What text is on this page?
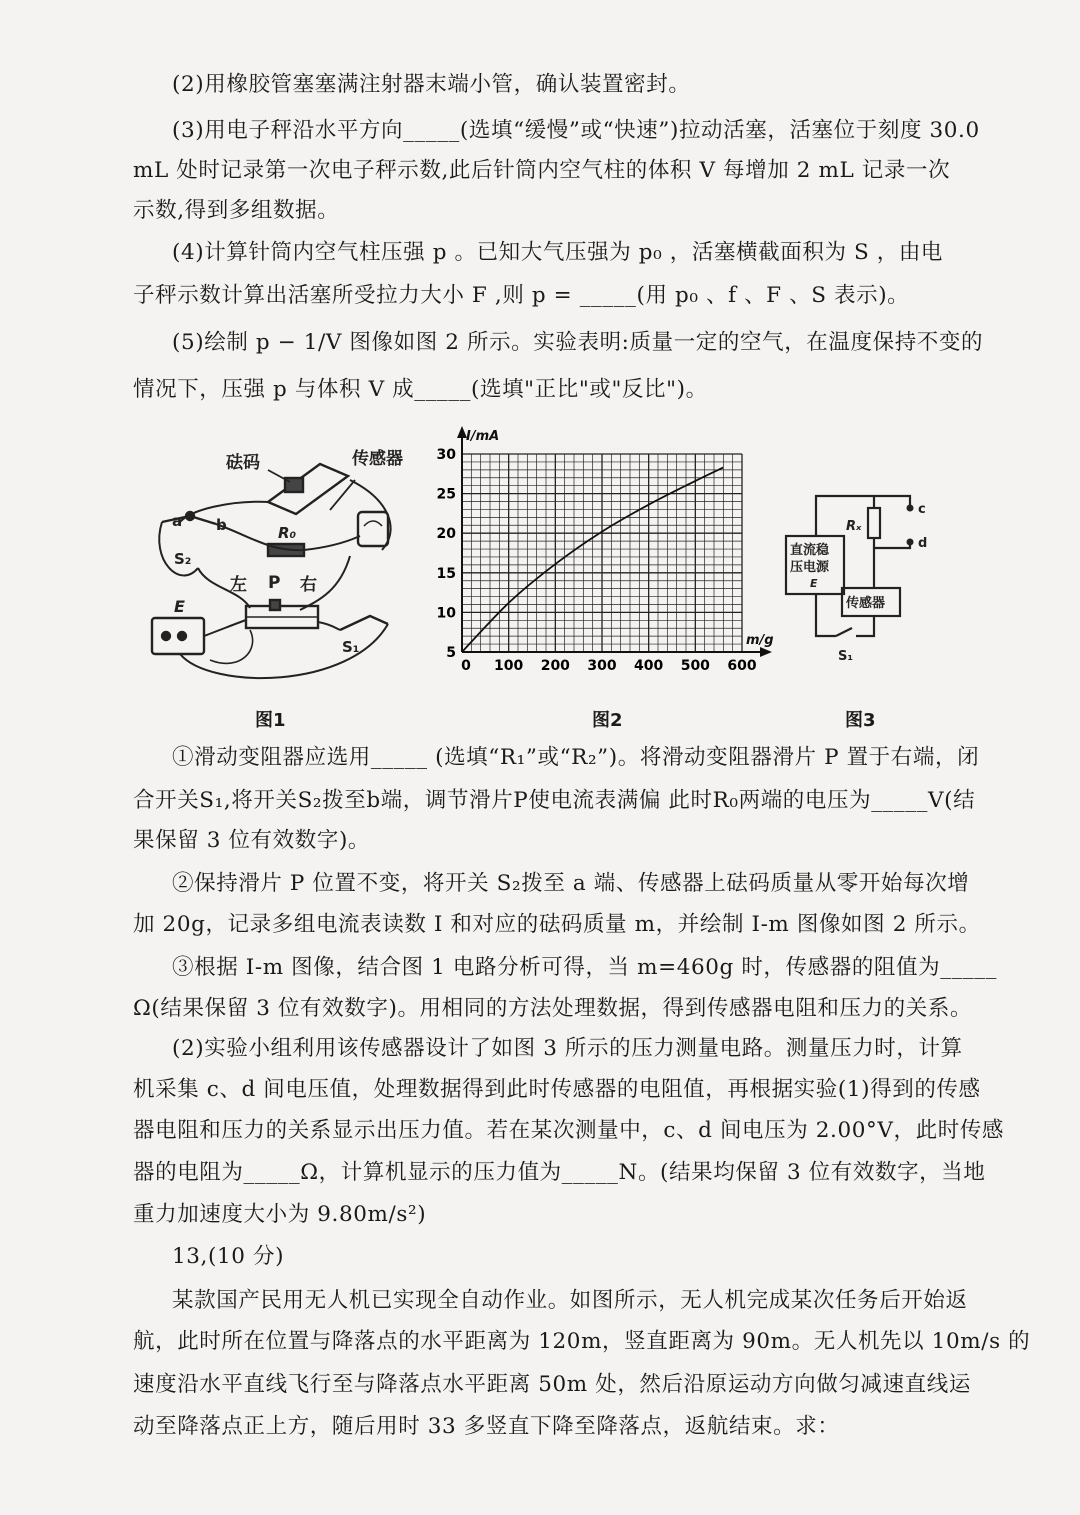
(2)用橡胶管塞塞满注射器末端小管，确认装置密封。
(3)用电子秤沿水平方向_____(选填“缓慢”或“快速”)拉动活塞，活塞位于刻度 30.0
mL 处时记录第一次电子秤示数,此后针筒内空气柱的体积 V 每增加 2 mL 记录一次
示数,得到多组数据。
(4)计算针筒内空气柱压强 p 。已知大气压强为 p₀ ，活塞横截面积为 S ，由电
子秤示数计算出活塞所受拉力大小 F ,则 p = _____(用 p₀ 、f 、F 、S 表示)。
(5)绘制 p − 1/V 图像如图 2 所示。实验表明:质量一定的空气，在温度保持不变的
情况下，压强 p 与体积 V 成_____(选填"正比"或"反比")。
砝码	传感器
a b
S₂
R₀
左 P 右
E
S₁
图1
I/mA
m/g
5
10
15
20
25
30
0 100 200 300 400 500 600
图2
Rₓ
c
d
直流稳
压电源
E
传感器
S₁
图3
①滑动变阻器应选用_____ (选填“R₁”或“R₂”)。将滑动变阻器滑片 P 置于右端，闭
合开关S₁,将开关S₂拨至b端，调节滑片P使电流表满偏 此时R₀两端的电压为_____V(结
果保留 3 位有效数字)。
②保持滑片 P 位置不变，将开关 S₂拨至 a 端、传感器上砝码质量从零开始每次增
加 20g，记录多组电流表读数 I 和对应的砝码质量 m，并绘制 I-m 图像如图 2 所示。
③根据 I-m 图像，结合图 1 电路分析可得，当 m=460g 时，传感器的阻值为_____
Ω(结果保留 3 位有效数字)。用相同的方法处理数据，得到传感器电阻和压力的关系。
(2)实验小组利用该传感器设计了如图 3 所示的压力测量电路。测量压力时，计算
机采集 c、d 间电压值，处理数据得到此时传感器的电阻值，再根据实验(1)得到的传感
器电阻和压力的关系显示出压力值。若在某次测量中，c、d 间电压为 2.00°V，此时传感
器的电阻为_____Ω，计算机显示的压力值为_____N。(结果均保留 3 位有效数字，当地
重力加速度大小为 9.80m/s²)
13,(10 分)
某款国产民用无人机已实现全自动作业。如图所示，无人机完成某次任务后开始返
航，此时所在位置与降落点的水平距离为 120m，竖直距离为 90m。无人机先以 10m/s 的
速度沿水平直线飞行至与降落点水平距离 50m 处，然后沿原运动方向做匀减速直线运
动至降落点正上方，随后用时 33 多竖直下降至降落点，返航结束。求：
